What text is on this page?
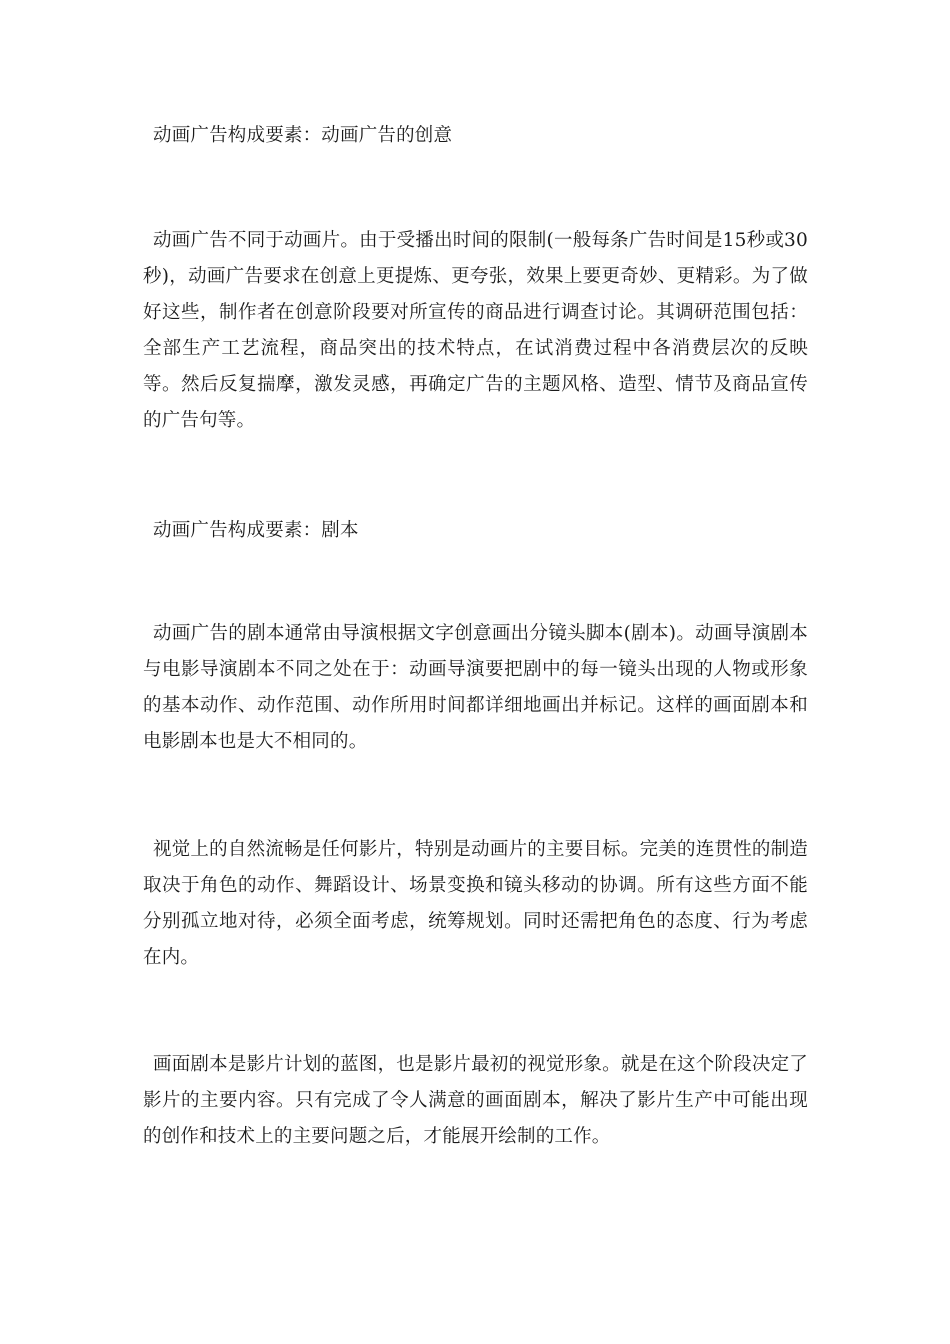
动画广告构成要素：动画广告的创意

动画广告不同于动画片。由于受播出时间的限制(一般每条广告时间是15秒或30秒)，动画广告要求在创意上更提炼、更夸张，效果上要更奇妙、更精彩。为了做好这些，制作者在创意阶段要对所宣传的商品进行调查讨论。其调研范围包括：全部生产工艺流程，商品突出的技术特点，在试消费过程中各消费层次的反映等。然后反复揣摩，激发灵感，再确定广告的主题风格、造型、情节及商品宣传的广告句等。

动画广告构成要素：剧本

动画广告的剧本通常由导演根据文字创意画出分镜头脚本(剧本)。动画导演剧本与电影导演剧本不同之处在于：动画导演要把剧中的每一镜头出现的人物或形象的基本动作、动作范围、动作所用时间都详细地画出并标记。这样的画面剧本和电影剧本也是大不相同的。

视觉上的自然流畅是任何影片，特别是动画片的主要目标。完美的连贯性的制造取决于角色的动作、舞蹈设计、场景变换和镜头移动的协调。所有这些方面不能分别孤立地对待，必须全面考虑，统筹规划。同时还需把角色的态度、行为考虑在内。

画面剧本是影片计划的蓝图，也是影片最初的视觉形象。就是在这个阶段决定了影片的主要内容。只有完成了令人满意的画面剧本，解决了影片生产中可能出现的创作和技术上的主要问题之后，才能展开绘制的工作。
